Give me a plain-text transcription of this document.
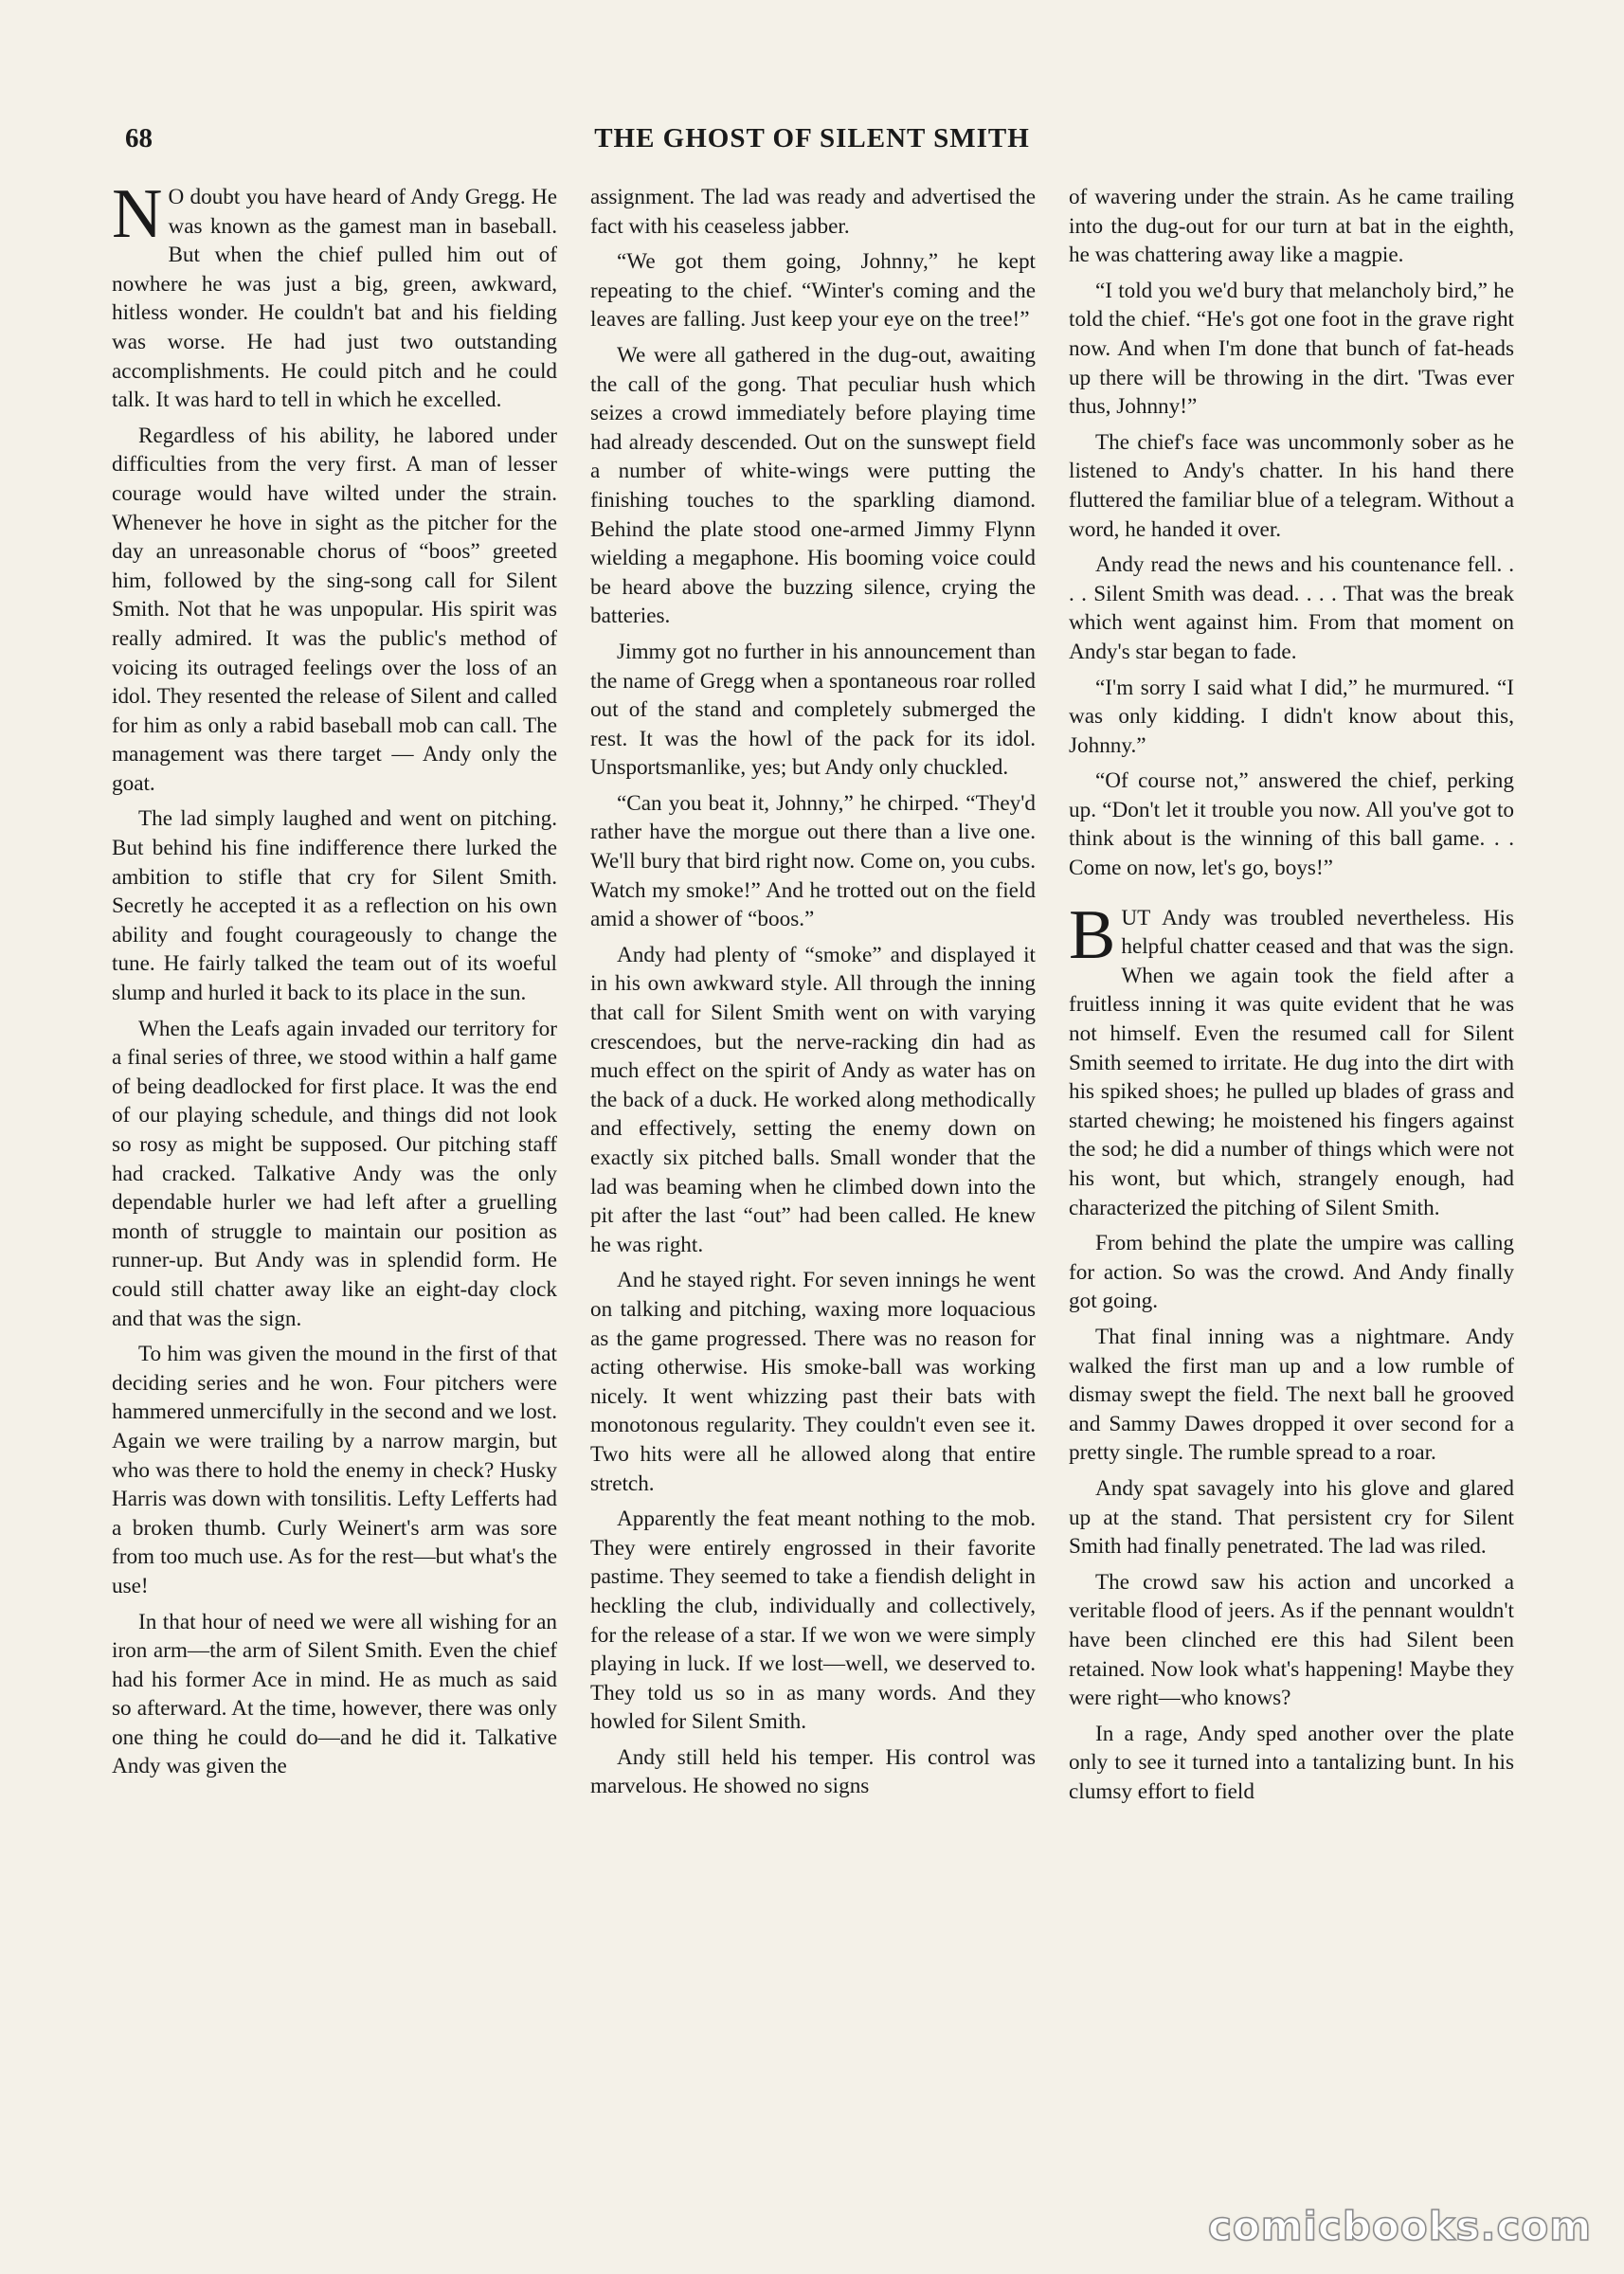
68	THE GHOST OF SILENT SMITH

N O doubt you have heard of Andy Gregg. He was known as the gamest man in baseball. But when the chief pulled him out of nowhere he was just a big, green, awkward, hitless wonder. He couldn't bat and his fielding was worse. He had just two outstanding accomplishments. He could pitch and he could talk. It was hard to tell in which he excelled.

Regardless of his ability, he labored under difficulties from the very first. A man of lesser courage would have wilted under the strain. Whenever he hove in sight as the pitcher for the day an unreasonable chorus of “boos” greeted him, followed by the sing-song call for Silent Smith. Not that he was unpopular. His spirit was really admired. It was the public's method of voicing its outraged feelings over the loss of an idol. They resented the release of Silent and called for him as only a rabid baseball mob can call. The management was there target — Andy only the goat.

The lad simply laughed and went on pitching. But behind his fine indifference there lurked the ambition to stifle that cry for Silent Smith. Secretly he accepted it as a reflection on his own ability and fought courageously to change the tune. He fairly talked the team out of its woeful slump and hurled it back to its place in the sun.

When the Leafs again invaded our territory for a final series of three, we stood within a half game of being deadlocked for first place. It was the end of our playing schedule, and things did not look so rosy as might be supposed. Our pitching staff had cracked. Talkative Andy was the only dependable hurler we had left after a gruelling month of struggle to maintain our position as runner-up. But Andy was in splendid form. He could still chatter away like an eight-day clock and that was the sign.

To him was given the mound in the first of that deciding series and he won. Four pitchers were hammered unmercifully in the second and we lost. Again we were trailing by a narrow margin, but who was there to hold the enemy in check? Husky Harris was down with tonsilitis. Lefty Lefferts had a broken thumb. Curly Weinert's arm was sore from too much use. As for the rest—but what's the use!

In that hour of need we were all wishing for an iron arm—the arm of Silent Smith. Even the chief had his former Ace in mind. He as much as said so afterward. At the time, however, there was only one thing he could do—and he did it. Talkative Andy was given the

assignment. The lad was ready and advertised the fact with his ceaseless jabber.

“We got them going, Johnny,” he kept repeating to the chief. “Winter's coming and the leaves are falling. Just keep your eye on the tree!”

We were all gathered in the dug-out, awaiting the call of the gong. That peculiar hush which seizes a crowd immediately before playing time had already descended. Out on the sunswept field a number of white-wings were putting the finishing touches to the sparkling diamond. Behind the plate stood one-armed Jimmy Flynn wielding a megaphone. His booming voice could be heard above the buzzing silence, crying the batteries.

Jimmy got no further in his announcement than the name of Gregg when a spontaneous roar rolled out of the stand and completely submerged the rest. It was the howl of the pack for its idol. Unsportsmanlike, yes; but Andy only chuckled.

“Can you beat it, Johnny,” he chirped. “They'd rather have the morgue out there than a live one. We'll bury that bird right now. Come on, you cubs. Watch my smoke!” And he trotted out on the field amid a shower of “boos.”

Andy had plenty of “smoke” and displayed it in his own awkward style. All through the inning that call for Silent Smith went on with varying crescendoes, but the nerve-racking din had as much effect on the spirit of Andy as water has on the back of a duck. He worked along methodically and effectively, setting the enemy down on exactly six pitched balls. Small wonder that the lad was beaming when he climbed down into the pit after the last “out” had been called. He knew he was right.

And he stayed right. For seven innings he went on talking and pitching, waxing more loquacious as the game progressed. There was no reason for acting otherwise. His smoke-ball was working nicely. It went whizzing past their bats with monotonous regularity. They couldn't even see it. Two hits were all he allowed along that entire stretch.

Apparently the feat meant nothing to the mob. They were entirely engrossed in their favorite pastime. They seemed to take a fiendish delight in heckling the club, individually and collectively, for the release of a star. If we won we were simply playing in luck. If we lost—well, we deserved to. They told us so in as many words. And they howled for Silent Smith.

Andy still held his temper. His control was marvelous. He showed no signs

of wavering under the strain. As he came trailing into the dug-out for our turn at bat in the eighth, he was chattering away like a magpie.

“I told you we'd bury that melancholy bird,” he told the chief. “He's got one foot in the grave right now. And when I'm done that bunch of fat-heads up there will be throwing in the dirt. 'Twas ever thus, Johnny!”

The chief's face was uncommonly sober as he listened to Andy's chatter. In his hand there fluttered the familiar blue of a telegram. Without a word, he handed it over.

Andy read the news and his countenance fell. . . . Silent Smith was dead. . . . That was the break which went against him. From that moment on Andy's star began to fade.

“I'm sorry I said what I did,” he murmured. “I was only kidding. I didn't know about this, Johnny.”

“Of course not,” answered the chief, perking up. “Don't let it trouble you now. All you've got to think about is the winning of this ball game. . . Come on now, let's go, boys!”

BUT Andy was troubled nevertheless. His helpful chatter ceased and that was the sign. When we again took the field after a fruitless inning it was quite evident that he was not himself. Even the resumed call for Silent Smith seemed to irritate. He dug into the dirt with his spiked shoes; he pulled up blades of grass and started chewing; he moistened his fingers against the sod; he did a number of things which were not his wont, but which, strangely enough, had characterized the pitching of Silent Smith.

From behind the plate the umpire was calling for action. So was the crowd. And Andy finally got going.

That final inning was a nightmare. Andy walked the first man up and a low rumble of dismay swept the field. The next ball he grooved and Sammy Dawes dropped it over second for a pretty single. The rumble spread to a roar.

Andy spat savagely into his glove and glared up at the stand. That persistent cry for Silent Smith had finally penetrated. The lad was riled.

The crowd saw his action and uncorked a veritable flood of jeers. As if the pennant wouldn't have been clinched ere this had Silent been retained. Now look what's happening! Maybe they were right—who knows?

In a rage, Andy sped another over the plate only to see it turned into a tantalizing bunt. In his clumsy effort to field

comicbooks.com
